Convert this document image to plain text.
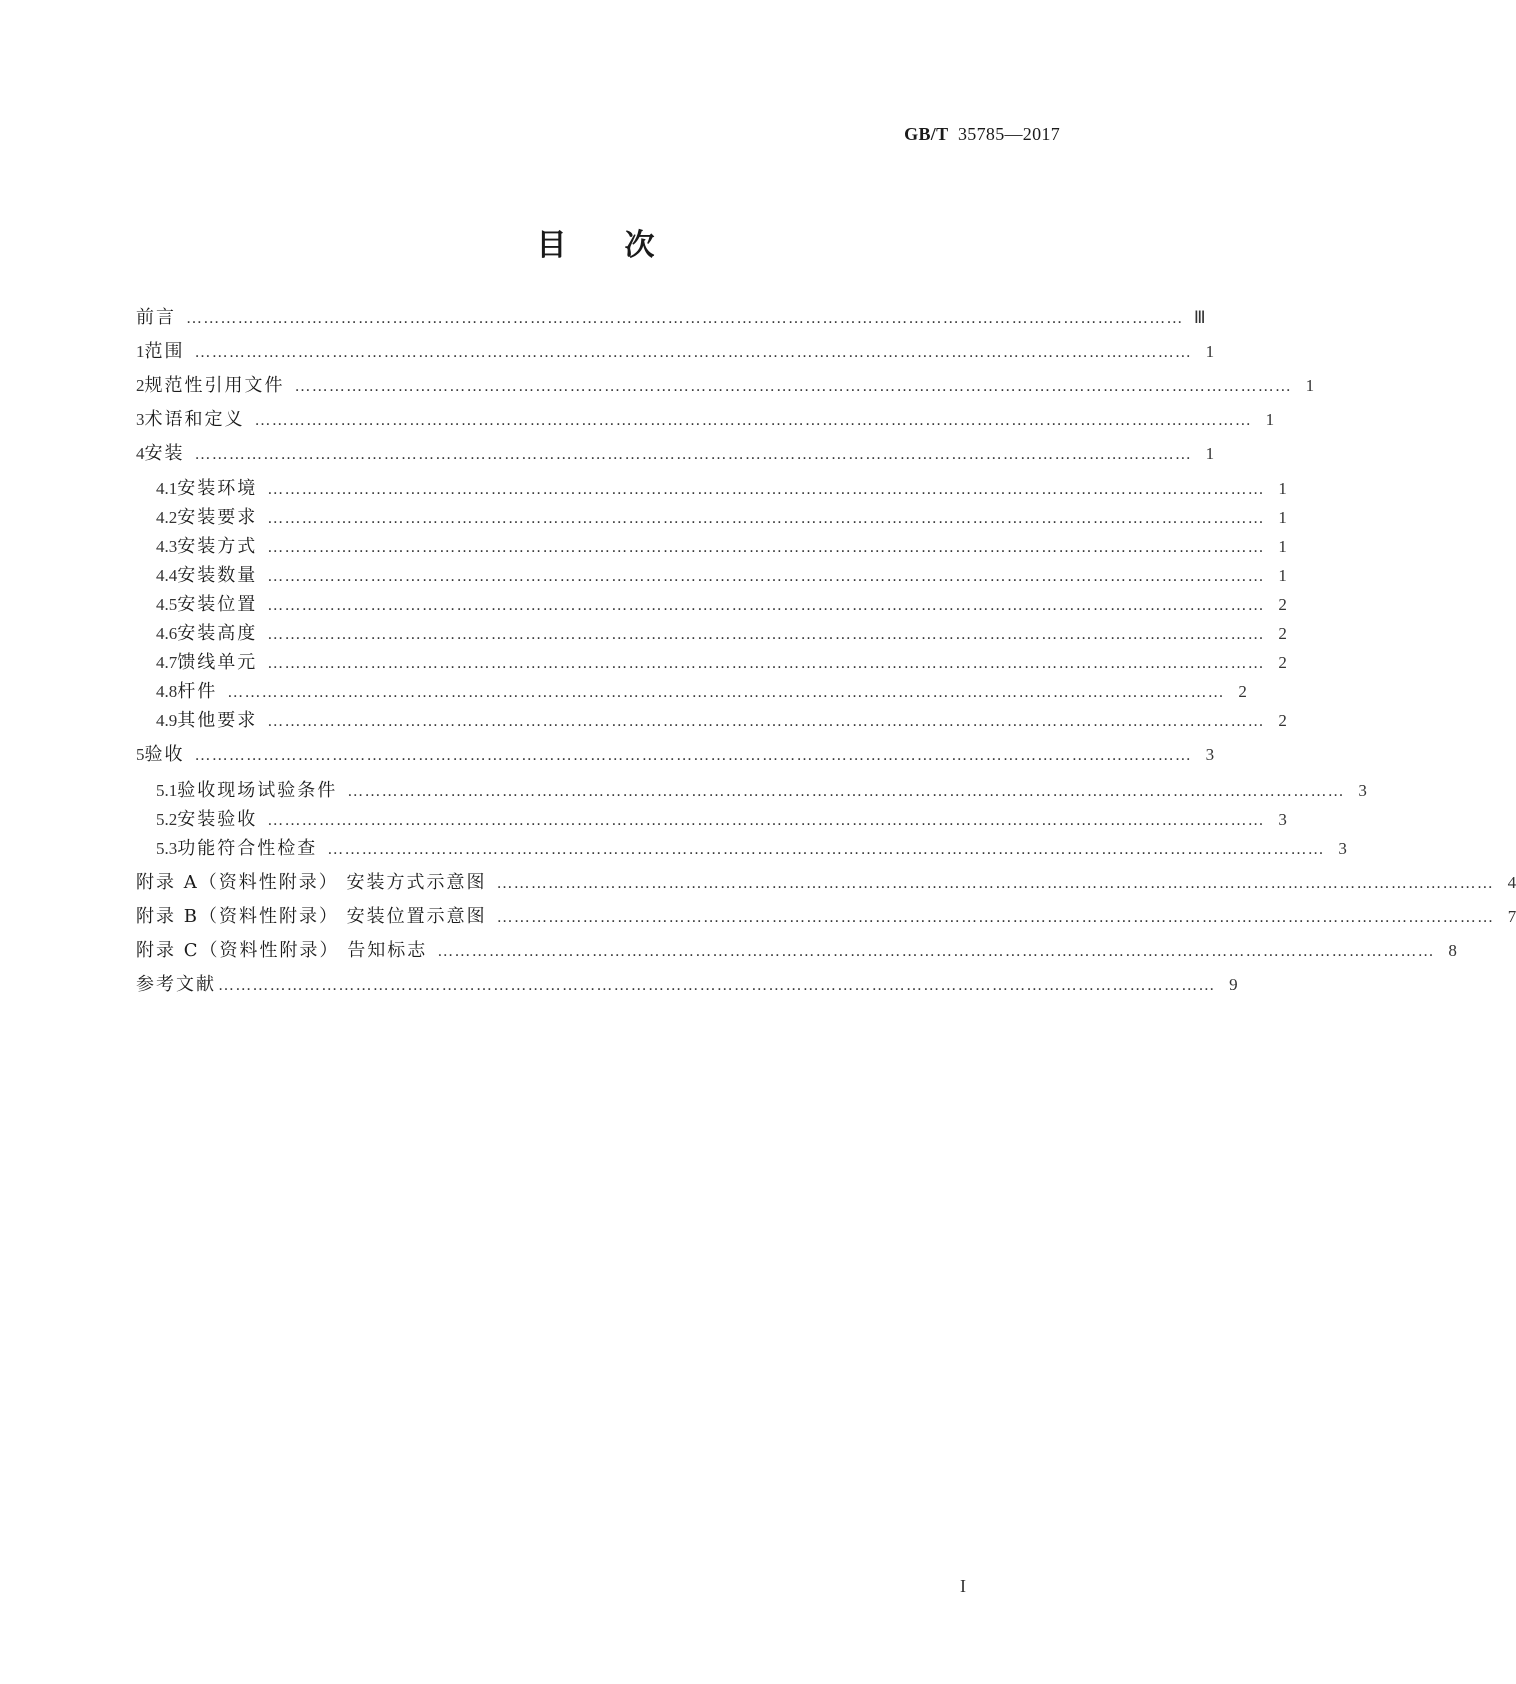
GB/T 35785—2017
目次
前言 ………………………………………………………………………………………………………………………………………………………… Ⅲ
1 范围 ………………………………………………………………………………………………………………………………………………………… 1
2 规范性引用文件 ………………………………………………………………………………………………………………………………………………………… 1
3 术语和定义 ………………………………………………………………………………………………………………………………………………………… 1
4 安装 ………………………………………………………………………………………………………………………………………………………… 1
4.1 安装环境 ………………………………………………………………………………………………………………………………………………………… 1
4.2 安装要求 ………………………………………………………………………………………………………………………………………………………… 1
4.3 安装方式 ………………………………………………………………………………………………………………………………………………………… 1
4.4 安装数量 ………………………………………………………………………………………………………………………………………………………… 1
4.5 安装位置 ………………………………………………………………………………………………………………………………………………………… 2
4.6 安装高度 ………………………………………………………………………………………………………………………………………………………… 2
4.7 馈线单元 ………………………………………………………………………………………………………………………………………………………… 2
4.8 杆件 ………………………………………………………………………………………………………………………………………………………… 2
4.9 其他要求 ………………………………………………………………………………………………………………………………………………………… 2
5 验收 ………………………………………………………………………………………………………………………………………………………… 3
5.1 验收现场试验条件 ………………………………………………………………………………………………………………………………………………………… 3
5.2 安装验收 ………………………………………………………………………………………………………………………………………………………… 3
5.3 功能符合性检查 ………………………………………………………………………………………………………………………………………………………… 3
附录 A（资料性附录） 安装方式示意图 ………………………………………………………………………………………………………………………………………………………… 4
附录 B（资料性附录） 安装位置示意图 ………………………………………………………………………………………………………………………………………………………… 7
附录 C（资料性附录） 告知标志 ………………………………………………………………………………………………………………………………………………………… 8
参考文献 ………………………………………………………………………………………………………………………………………………………… 9
I
